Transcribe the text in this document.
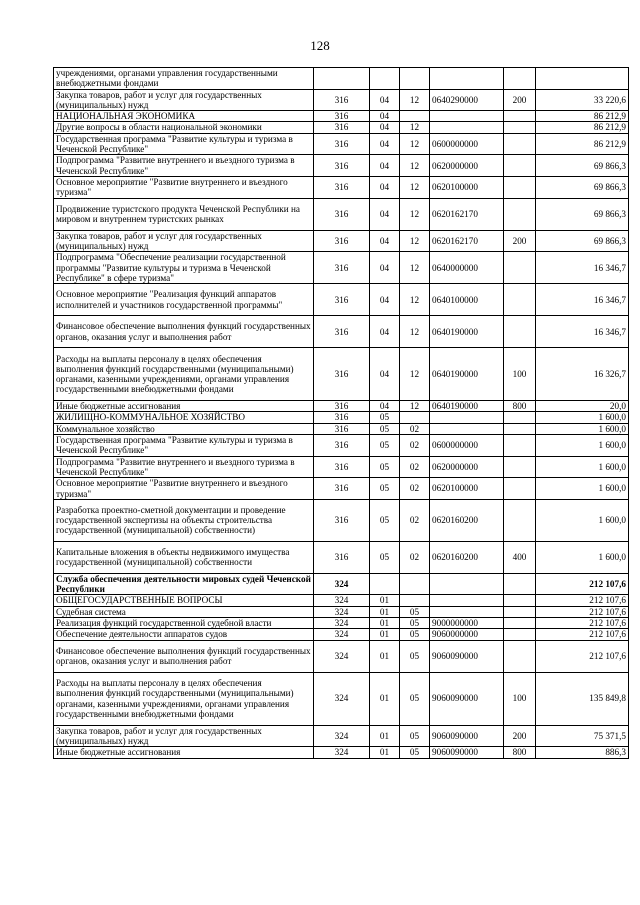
128
учреждениями, органами управления государственными внебюджетными фондами						
Закупка товаров, работ и услуг для государственных (муниципальных) нужд	316	04	12	0640290000	200	33 220,6
НАЦИОНАЛЬНАЯ ЭКОНОМИКА	316	04				86 212,9
Другие вопросы в области национальной экономики	316	04	12			86 212,9
Государственная программа "Развитие культуры и туризма в Чеченской Республике"	316	04	12	0600000000		86 212,9
Подпрограмма "Развитие внутреннего и въездного туризма в Чеченской Республике"	316	04	12	0620000000		69 866,3
Основное мероприятие "Развитие внутреннего и въездного туризма"	316	04	12	0620100000		69 866,3
Продвижение туристского продукта Чеченской Республики на мировом и внутреннем туристских рынках	316	04	12	0620162170		69 866,3
Закупка товаров, работ и услуг для государственных (муниципальных) нужд	316	04	12	0620162170	200	69 866,3
Подпрограмма "Обеспечение реализации государственной программы "Развитие культуры и туризма в Чеченской Республике" в сфере туризма"	316	04	12	0640000000		16 346,7
Основное мероприятие "Реализация функций аппаратов исполнителей и участников государственной программы"	316	04	12	0640100000		16 346,7
Финансовое обеспечение выполнения функций государственных органов, оказания услуг и выполнения работ	316	04	12	0640190000		16 346,7
Расходы на выплаты персоналу в целях обеспечения выполнения функций государственными (муниципальными) органами, казенными учреждениями, органами управления государственными внебюджетными фондами	316	04	12	0640190000	100	16 326,7
Иные бюджетные ассигнования	316	04	12	0640190000	800	20,0
ЖИЛИЩНО-КОММУНАЛЬНОЕ ХОЗЯЙСТВО	316	05				1 600,0
Коммунальное хозяйство	316	05	02			1 600,0
Государственная программа "Развитие культуры и туризма в Чеченской Республике"	316	05	02	0600000000		1 600,0
Подпрограмма "Развитие внутреннего и въездного туризма в Чеченской Республике"	316	05	02	0620000000		1 600,0
Основное мероприятие "Развитие внутреннего и въездного туризма"	316	05	02	0620100000		1 600,0
Разработка проектно-сметной документации и проведение государственной экспертизы на объекты строительства государственной (муниципальной) собственности)	316	05	02	0620160200		1 600,0
Капитальные вложения в объекты недвижимого имущества государственной (муниципальной) собственности	316	05	02	0620160200	400	1 600,0
Служба обеспечения деятельности мировых судей Чеченской Республики	324					212 107,6
ОБЩЕГОСУДАРСТВЕННЫЕ ВОПРОСЫ	324	01				212 107,6
Судебная система	324	01	05			212 107,6
Реализация функций государственной судебной власти	324	01	05	9000000000		212 107,6
Обеспечение деятельности аппаратов судов	324	01	05	9060000000		212 107,6
Финансовое обеспечение выполнения функций государственных органов, оказания услуг и выполнения работ	324	01	05	9060090000		212 107,6
Расходы на выплаты персоналу в целях обеспечения выполнения функций государственными (муниципальными) органами, казенными учреждениями, органами управления государственными внебюджетными фондами	324	01	05	9060090000	100	135 849,8
Закупка товаров, работ и услуг для государственных (муниципальных) нужд	324	01	05	9060090000	200	75 371,5
Иные бюджетные ассигнования	324	01	05	9060090000	800	886,3
